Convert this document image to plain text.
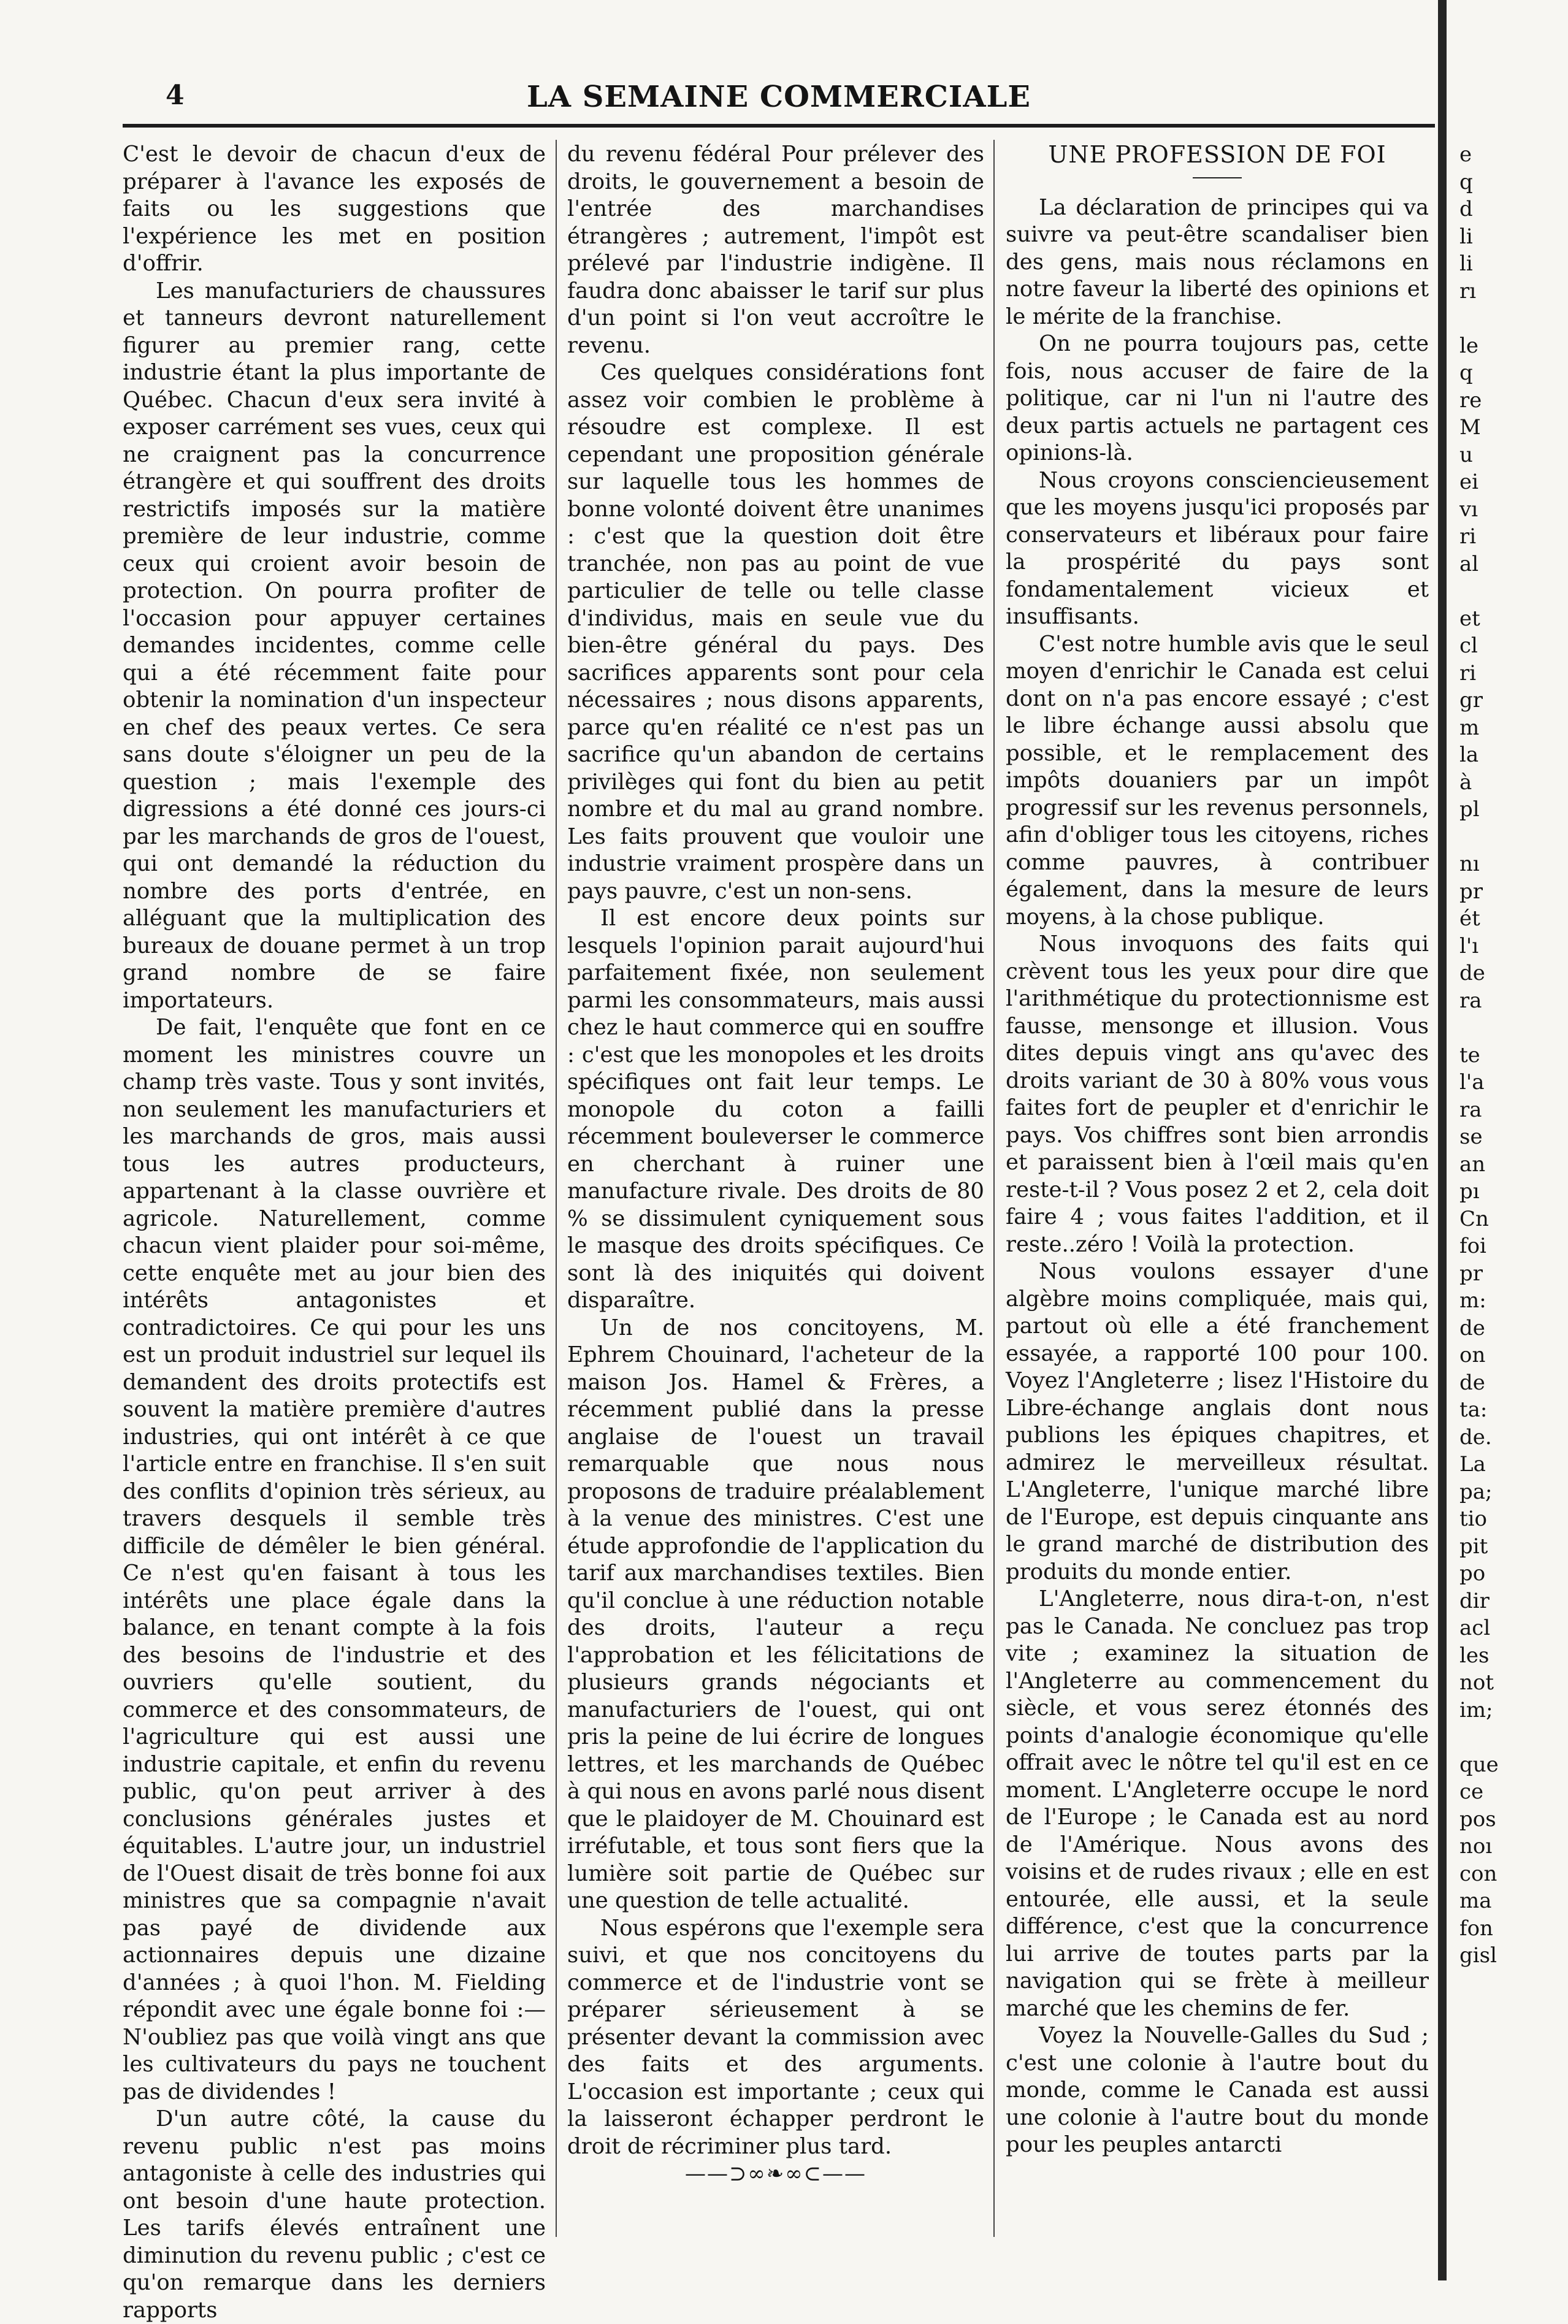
4	LA SEMAINE COMMERCIALE

C'est le devoir de chacun d'eux de préparer à l'avance les exposés de faits ou les suggestions que l'expérience les met en position d'offrir.

Les manufacturiers de chaussures et tanneurs devront naturellement figurer au premier rang, cette industrie étant la plus importante de Québec. Chacun d'eux sera invité à exposer carrément ses vues, ceux qui ne craignent pas la concurrence étrangère et qui souffrent des droits restrictifs imposés sur la matière première de leur industrie, comme ceux qui croient avoir besoin de protection. On pourra profiter de l'occasion pour appuyer certaines demandes incidentes, comme celle qui a été récemment faite pour obtenir la nomination d'un inspecteur en chef des peaux vertes. Ce sera sans doute s'éloigner un peu de la question ; mais l'exemple des digressions a été donné ces jours-ci par les marchands de gros de l'ouest, qui ont demandé la réduction du nombre des ports d'entrée, en alléguant que la multiplication des bureaux de douane permet à un trop grand nombre de se faire importateurs.

De fait, l'enquête que font en ce moment les ministres couvre un champ très vaste. Tous y sont invités, non seulement les manufacturiers et les marchands de gros, mais aussi tous les autres producteurs, appartenant à la classe ouvrière et agricole. Naturellement, comme chacun vient plaider pour soi-même, cette enquête met au jour bien des intérêts antagonistes et contradictoires. Ce qui pour les uns est un produit industriel sur lequel ils demandent des droits protectifs est souvent la matière première d'autres industries, qui ont intérêt à ce que l'article entre en franchise. Il s'en suit des conflits d'opinion très sérieux, au travers desquels il semble très difficile de démêler le bien général. Ce n'est qu'en faisant à tous les intérêts une place égale dans la balance, en tenant compte à la fois des besoins de l'industrie et des ouvriers qu'elle soutient, du commerce et des consommateurs, de l'agriculture qui est aussi une industrie capitale, et enfin du revenu public, qu'on peut arriver à des conclusions générales justes et équitables. L'autre jour, un industriel de l'Ouest disait de très bonne foi aux ministres que sa compagnie n'avait pas payé de dividende aux actionnaires depuis une dizaine d'années ; à quoi l'hon. M. Fielding répondit avec une égale bonne foi :—N'oubliez pas que voilà vingt ans que les cultivateurs du pays ne touchent pas de dividendes !

D'un autre côté, la cause du revenu public n'est pas moins antagoniste à celle des industries qui ont besoin d'une haute protection. Les tarifs élevés entraînent une diminution du revenu public ; c'est ce qu'on remarque dans les derniers rapports

du revenu fédéral Pour prélever des droits, le gouvernement a besoin de l'entrée des marchandises étrangères ; autrement, l'impôt est prélevé par l'industrie indigène. Il faudra donc abaisser le tarif sur plus d'un point si l'on veut accroître le revenu.

Ces quelques considérations font assez voir combien le problème à résoudre est complexe. Il est cependant une proposition générale sur laquelle tous les hommes de bonne volonté doivent être unanimes : c'est que la question doit être tranchée, non pas au point de vue particulier de telle ou telle classe d'individus, mais en seule vue du bien-être général du pays. Des sacrifices apparents sont pour cela nécessaires ; nous disons apparents, parce qu'en réalité ce n'est pas un sacrifice qu'un abandon de certains privilèges qui font du bien au petit nombre et du mal au grand nombre. Les faits prouvent que vouloir une industrie vraiment prospère dans un pays pauvre, c'est un non-sens.

Il est encore deux points sur lesquels l'opinion parait aujourd'hui parfaitement fixée, non seulement parmi les consommateurs, mais aussi chez le haut commerce qui en souffre : c'est que les monopoles et les droits spécifiques ont fait leur temps. Le monopole du coton a failli récemment bouleverser le commerce en cherchant à ruiner une manufacture rivale. Des droits de 80 % se dissimulent cyniquement sous le masque des droits spécifiques. Ce sont là des iniquités qui doivent disparaître.

Un de nos concitoyens, M. Ephrem Chouinard, l'acheteur de la maison Jos. Hamel & Frères, a récemment publié dans la presse anglaise de l'ouest un travail remarquable que nous nous proposons de traduire préalablement à la venue des ministres. C'est une étude approfondie de l'application du tarif aux marchandises textiles. Bien qu'il conclue à une réduction notable des droits, l'auteur a reçu l'approbation et les félicitations de plusieurs grands négociants et manufacturiers de l'ouest, qui ont pris la peine de lui écrire de longues lettres, et les marchands de Québec à qui nous en avons parlé nous disent que le plaidoyer de M. Chouinard est irréfutable, et tous sont fiers que la lumière soit partie de Québec sur une question de telle actualité.

Nous espérons que l'exemple sera suivi, et que nos concitoyens du commerce et de l'industrie vont se préparer sérieusement à se présenter devant la commission avec des faits et des arguments. L'occasion est importante ; ceux qui la laisseront échapper perdront le droit de récriminer plus tard.

——⊃∞❧∞⊂——

UNE PROFESSION DE FOI

La déclaration de principes qui va suivre va peut-être scandaliser bien des gens, mais nous réclamons en notre faveur la liberté des opinions et le mérite de la franchise.

On ne pourra toujours pas, cette fois, nous accuser de faire de la politique, car ni l'un ni l'autre des deux partis actuels ne partagent ces opinions-là.

Nous croyons consciencieusement que les moyens jusqu'ici proposés par conservateurs et libéraux pour faire la prospérité du pays sont fondamentalement vicieux et insuffisants.

C'est notre humble avis que le seul moyen d'enrichir le Canada est celui dont on n'a pas encore essayé ; c'est le libre échange aussi absolu que possible, et le remplacement des impôts douaniers par un impôt progressif sur les revenus personnels, afin d'obliger tous les citoyens, riches comme pauvres, à contribuer également, dans la mesure de leurs moyens, à la chose publique.

Nous invoquons des faits qui crèvent tous les yeux pour dire que l'arithmétique du protectionnisme est fausse, mensonge et illusion. Vous dites depuis vingt ans qu'avec des droits variant de 30 à 80% vous vous faites fort de peupler et d'enrichir le pays. Vos chiffres sont bien arrondis et paraissent bien à l'œil mais qu'en reste-t-il ? Vous posez 2 et 2, cela doit faire 4 ; vous faites l'addition, et il reste..zéro ! Voilà la protection.

Nous voulons essayer d'une algèbre moins compliquée, mais qui, partout où elle a été franchement essayée, a rapporté 100 pour 100. Voyez l'Angleterre ; lisez l'Histoire du Libre-échange anglais dont nous publions les épiques chapitres, et admirez le merveilleux résultat. L'Angleterre, l'unique marché libre de l'Europe, est depuis cinquante ans le grand marché de distribution des produits du monde entier.

L'Angleterre, nous dira-t-on, n'est pas le Canada. Ne concluez pas trop vite ; examinez la situation de l'Angleterre au commencement du siècle, et vous serez étonnés des points d'analogie économique qu'elle offrait avec le nôtre tel qu'il est en ce moment. L'Angleterre occupe le nord de l'Europe ; le Canada est au nord de l'Amérique. Nous avons des voisins et de rudes rivaux ; elle en est entourée, elle aussi, et la seule différence, c'est que la concurrence lui arrive de toutes parts par la navigation qui se frète à meilleur marché que les chemins de fer.

Voyez la Nouvelle-Galles du Sud ; c'est une colonie à l'autre bout du monde, comme le Canada est aussi une colonie à l'autre bout du monde pour les peuples antarcti

e
q
d
li
li
rı
le
q
re
M
u
ei
vı
ri
al
et
cl
ri
gr
m
la
à
pl
nı
pr
ét
l'ı
de
ra
te
l'a
ra
se
an
pı
Cn
foi
pr
m:
de
on
de
ta:
de.
La
pa;
tio
pit
po
dir
acl
les
not
im;
que
ce
pos
noı
con
ma
fon
gisl
